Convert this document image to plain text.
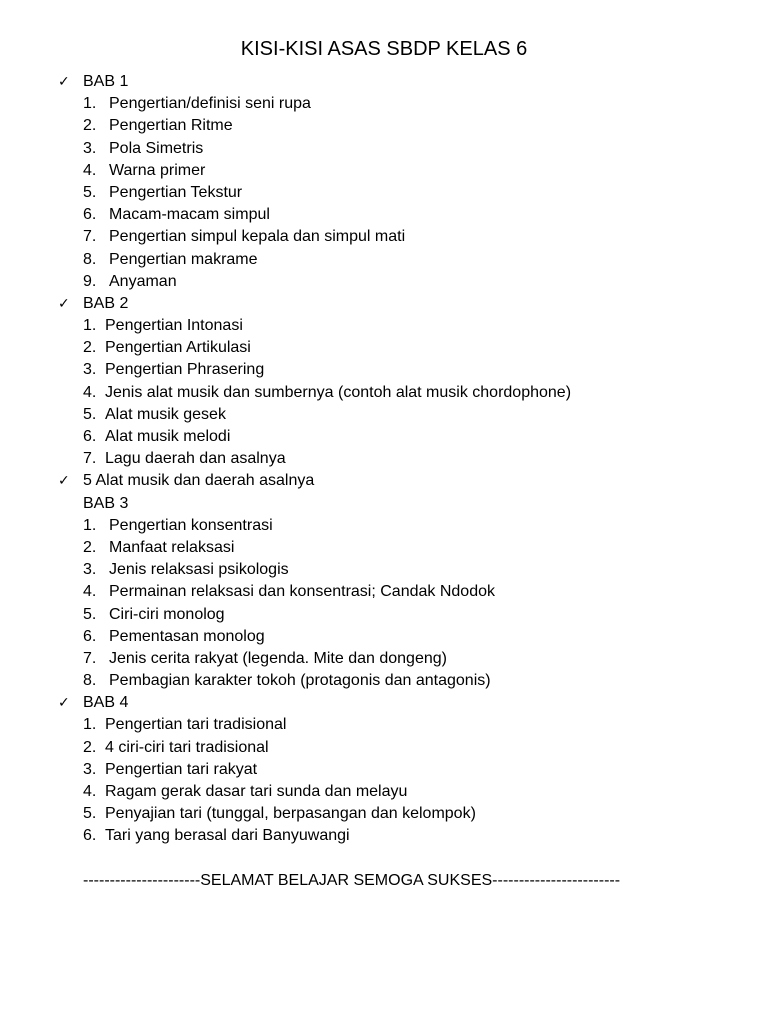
KISI-KISI ASAS SBDP KELAS 6
✓ BAB 1
1. Pengertian/definisi seni rupa
2. Pengertian Ritme
3. Pola Simetris
4. Warna primer
5. Pengertian Tekstur
6. Macam-macam simpul
7. Pengertian simpul kepala dan simpul mati
8. Pengertian makrame
9. Anyaman
✓ BAB 2
1. Pengertian Intonasi
2. Pengertian Artikulasi
3. Pengertian Phrasering
4. Jenis alat musik dan sumbernya (contoh alat musik chordophone)
5. Alat musik gesek
6. Alat musik melodi
7. Lagu daerah dan asalnya
✓ 5 Alat musik dan daerah asalnya
BAB 3
1. Pengertian konsentrasi
2. Manfaat relaksasi
3. Jenis relaksasi psikologis
4. Permainan relaksasi dan konsentrasi; Candak Ndodok
5. Ciri-ciri monolog
6. Pementasan monolog
7. Jenis cerita rakyat (legenda. Mite dan dongeng)
8. Pembagian karakter tokoh (protagonis dan antagonis)
✓ BAB 4
1. Pengertian tari tradisional
2. 4 ciri-ciri tari tradisional
3. Pengertian tari rakyat
4. Ragam gerak dasar tari sunda dan melayu
5. Penyajian tari (tunggal, berpasangan dan kelompok)
6. Tari yang berasal dari Banyuwangi
----------------------SELAMAT BELAJAR SEMOGA SUKSES------------------------
